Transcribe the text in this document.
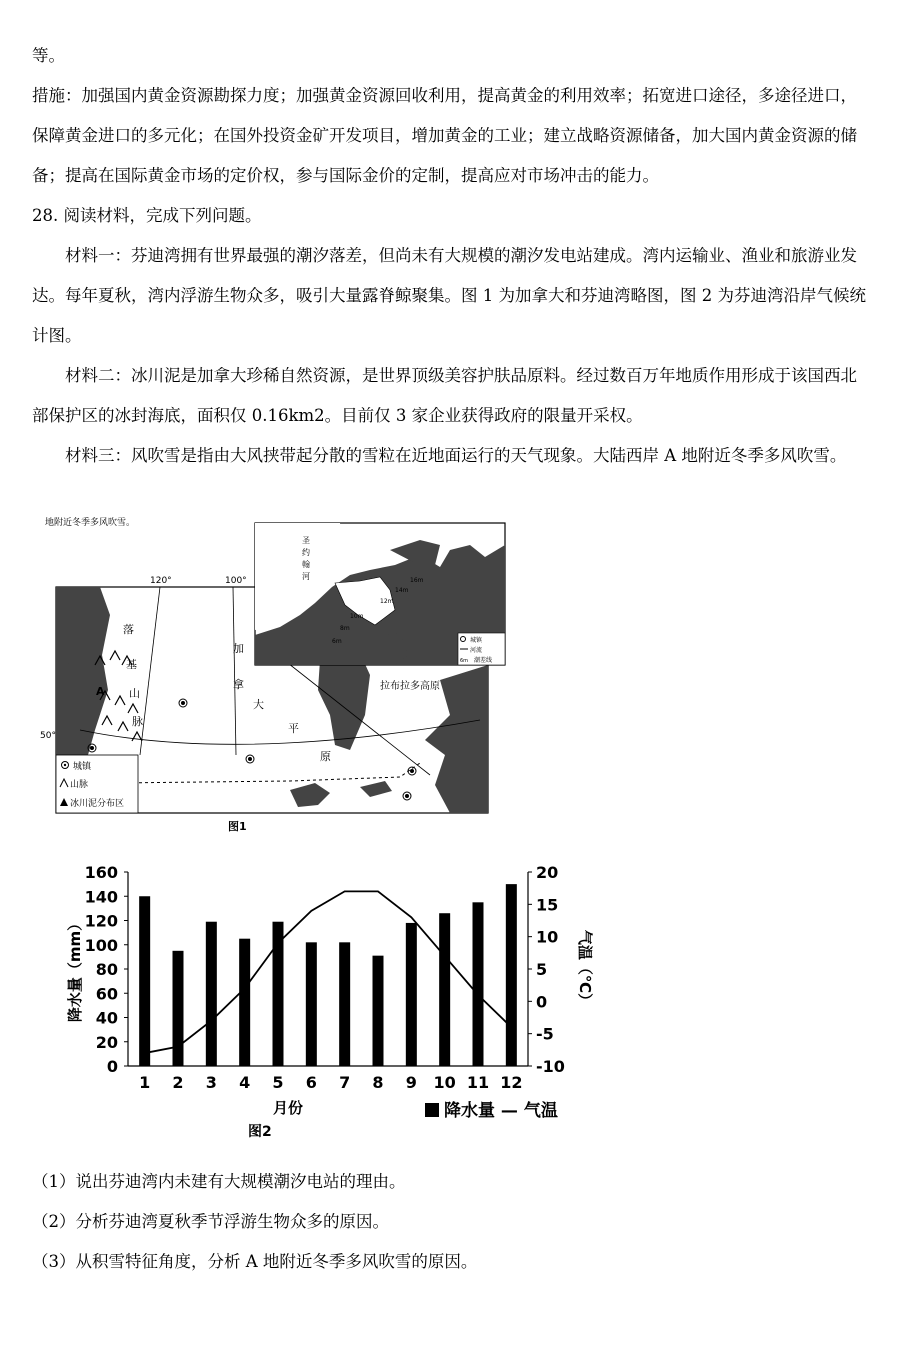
等。

措施：加强国内黄金资源勘探力度；加强黄金资源回收利用，提高黄金的利用效率；拓宽进口途径，多途径进口，保障黄金进口的多元化；在国外投资金矿开发项目，增加黄金的工业；建立战略资源储备，加大国内黄金资源的储备；提高在国际黄金市场的定价权，参与国际金价的定制，提高应对市场冲击的能力。

28. 阅读材料，完成下列问题。

材料一：芬迪湾拥有世界最强的潮汐落差，但尚未有大规模的潮汐发电站建成。湾内运输业、渔业和旅游业发达。每年夏秋，湾内浮游生物众多，吸引大量露脊鲸聚集。图 1 为加拿大和芬迪湾略图，图 2 为芬迪湾沿岸气候统计图。

材料二：冰川泥是加拿大珍稀自然资源，是世界顶级美容护肤品原料。经过数百万年地质作用形成于该国西北部保护区的冰封海底，面积仅 0.16km2。目前仅 3 家企业获得政府的限量开采权。

材料三：风吹雪是指由大风挟带起分散的雪粒在近地面运行的天气现象。大陆西岸 A 地附近冬季多风吹雪。

地附近冬季多风吹雪。
120°	100°
50°
落
基
山
脉
A
加
拿
大
平
原
拉布拉多高原
城镇
山脉
冰川泥分布区
圣
约
翰
河
芬
迪
湾
12m
14m
16m
10m
8m
6m	城镇
河流
6m 潮差线
图1
0
20
40
60
80
100
120
140
160
-10
-5
0
5
10
15
20
1 2 3 4 5 6 7 8 9 10 11 12
月份
降水量（mm）	气温（℃）
降水量 — 气温
图2
（1）说出芬迪湾内未建有大规模潮汐电站的理由。
（2）分析芬迪湾夏秋季节浮游生物众多的原因。
（3）从积雪特征角度，分析 A 地附近冬季多风吹雪的原因。
